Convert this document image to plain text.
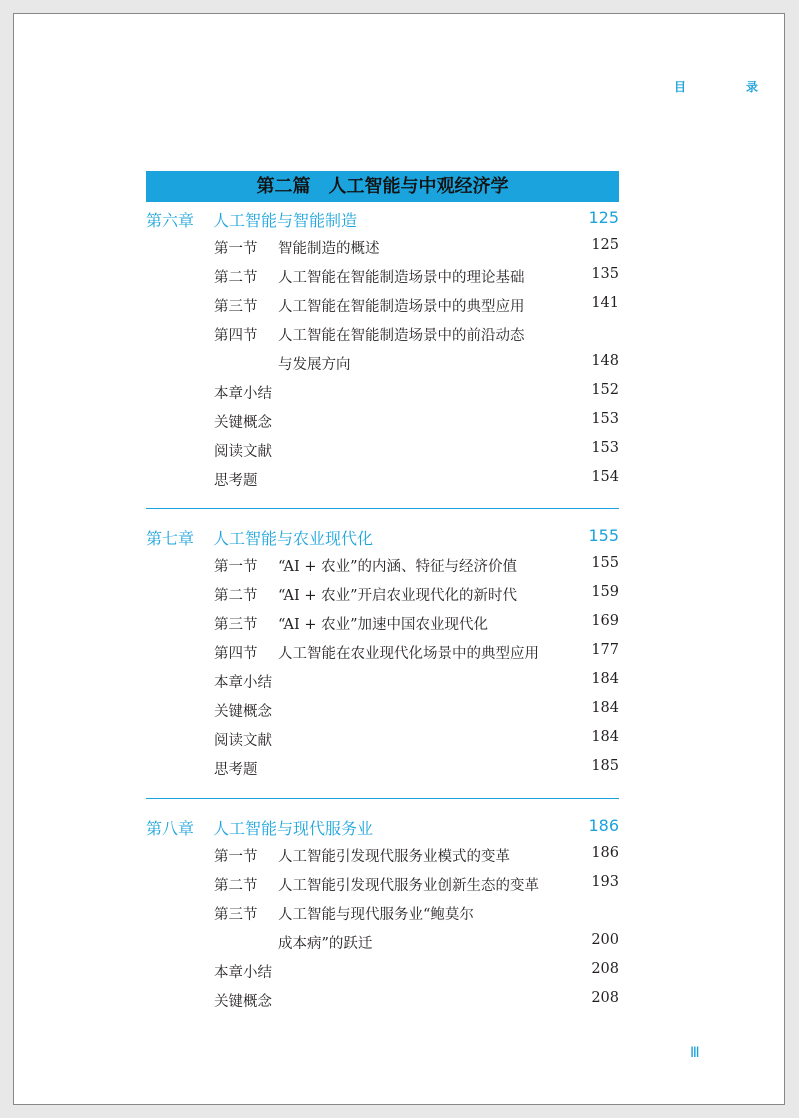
目　录
第二篇　人工智能与中观经济学
第六章 人工智能与智能制造	125
第一节 智能制造的概述	125
第二节 人工智能在智能制造场景中的理论基础	135
第三节 人工智能在智能制造场景中的典型应用	141
第四节 人工智能在智能制造场景中的前沿动态
与发展方向	148
本章小结	152
关键概念	153
阅读文献	153
思考题	154
第七章 人工智能与农业现代化	155
第一节 “AI + 农业”的内涵、特征与经济价值	155
第二节 “AI + 农业”开启农业现代化的新时代	159
第三节 “AI + 农业”加速中国农业现代化	169
第四节 人工智能在农业现代化场景中的典型应用	177
本章小结	184
关键概念	184
阅读文献	184
思考题	185
第八章 人工智能与现代服务业	186
第一节 人工智能引发现代服务业模式的变革	186
第二节 人工智能引发现代服务业创新生态的变革	193
第三节 人工智能与现代服务业“鲍莫尔
成本病”的跃迁	200
本章小结	208
关键概念	208
Ⅲ
